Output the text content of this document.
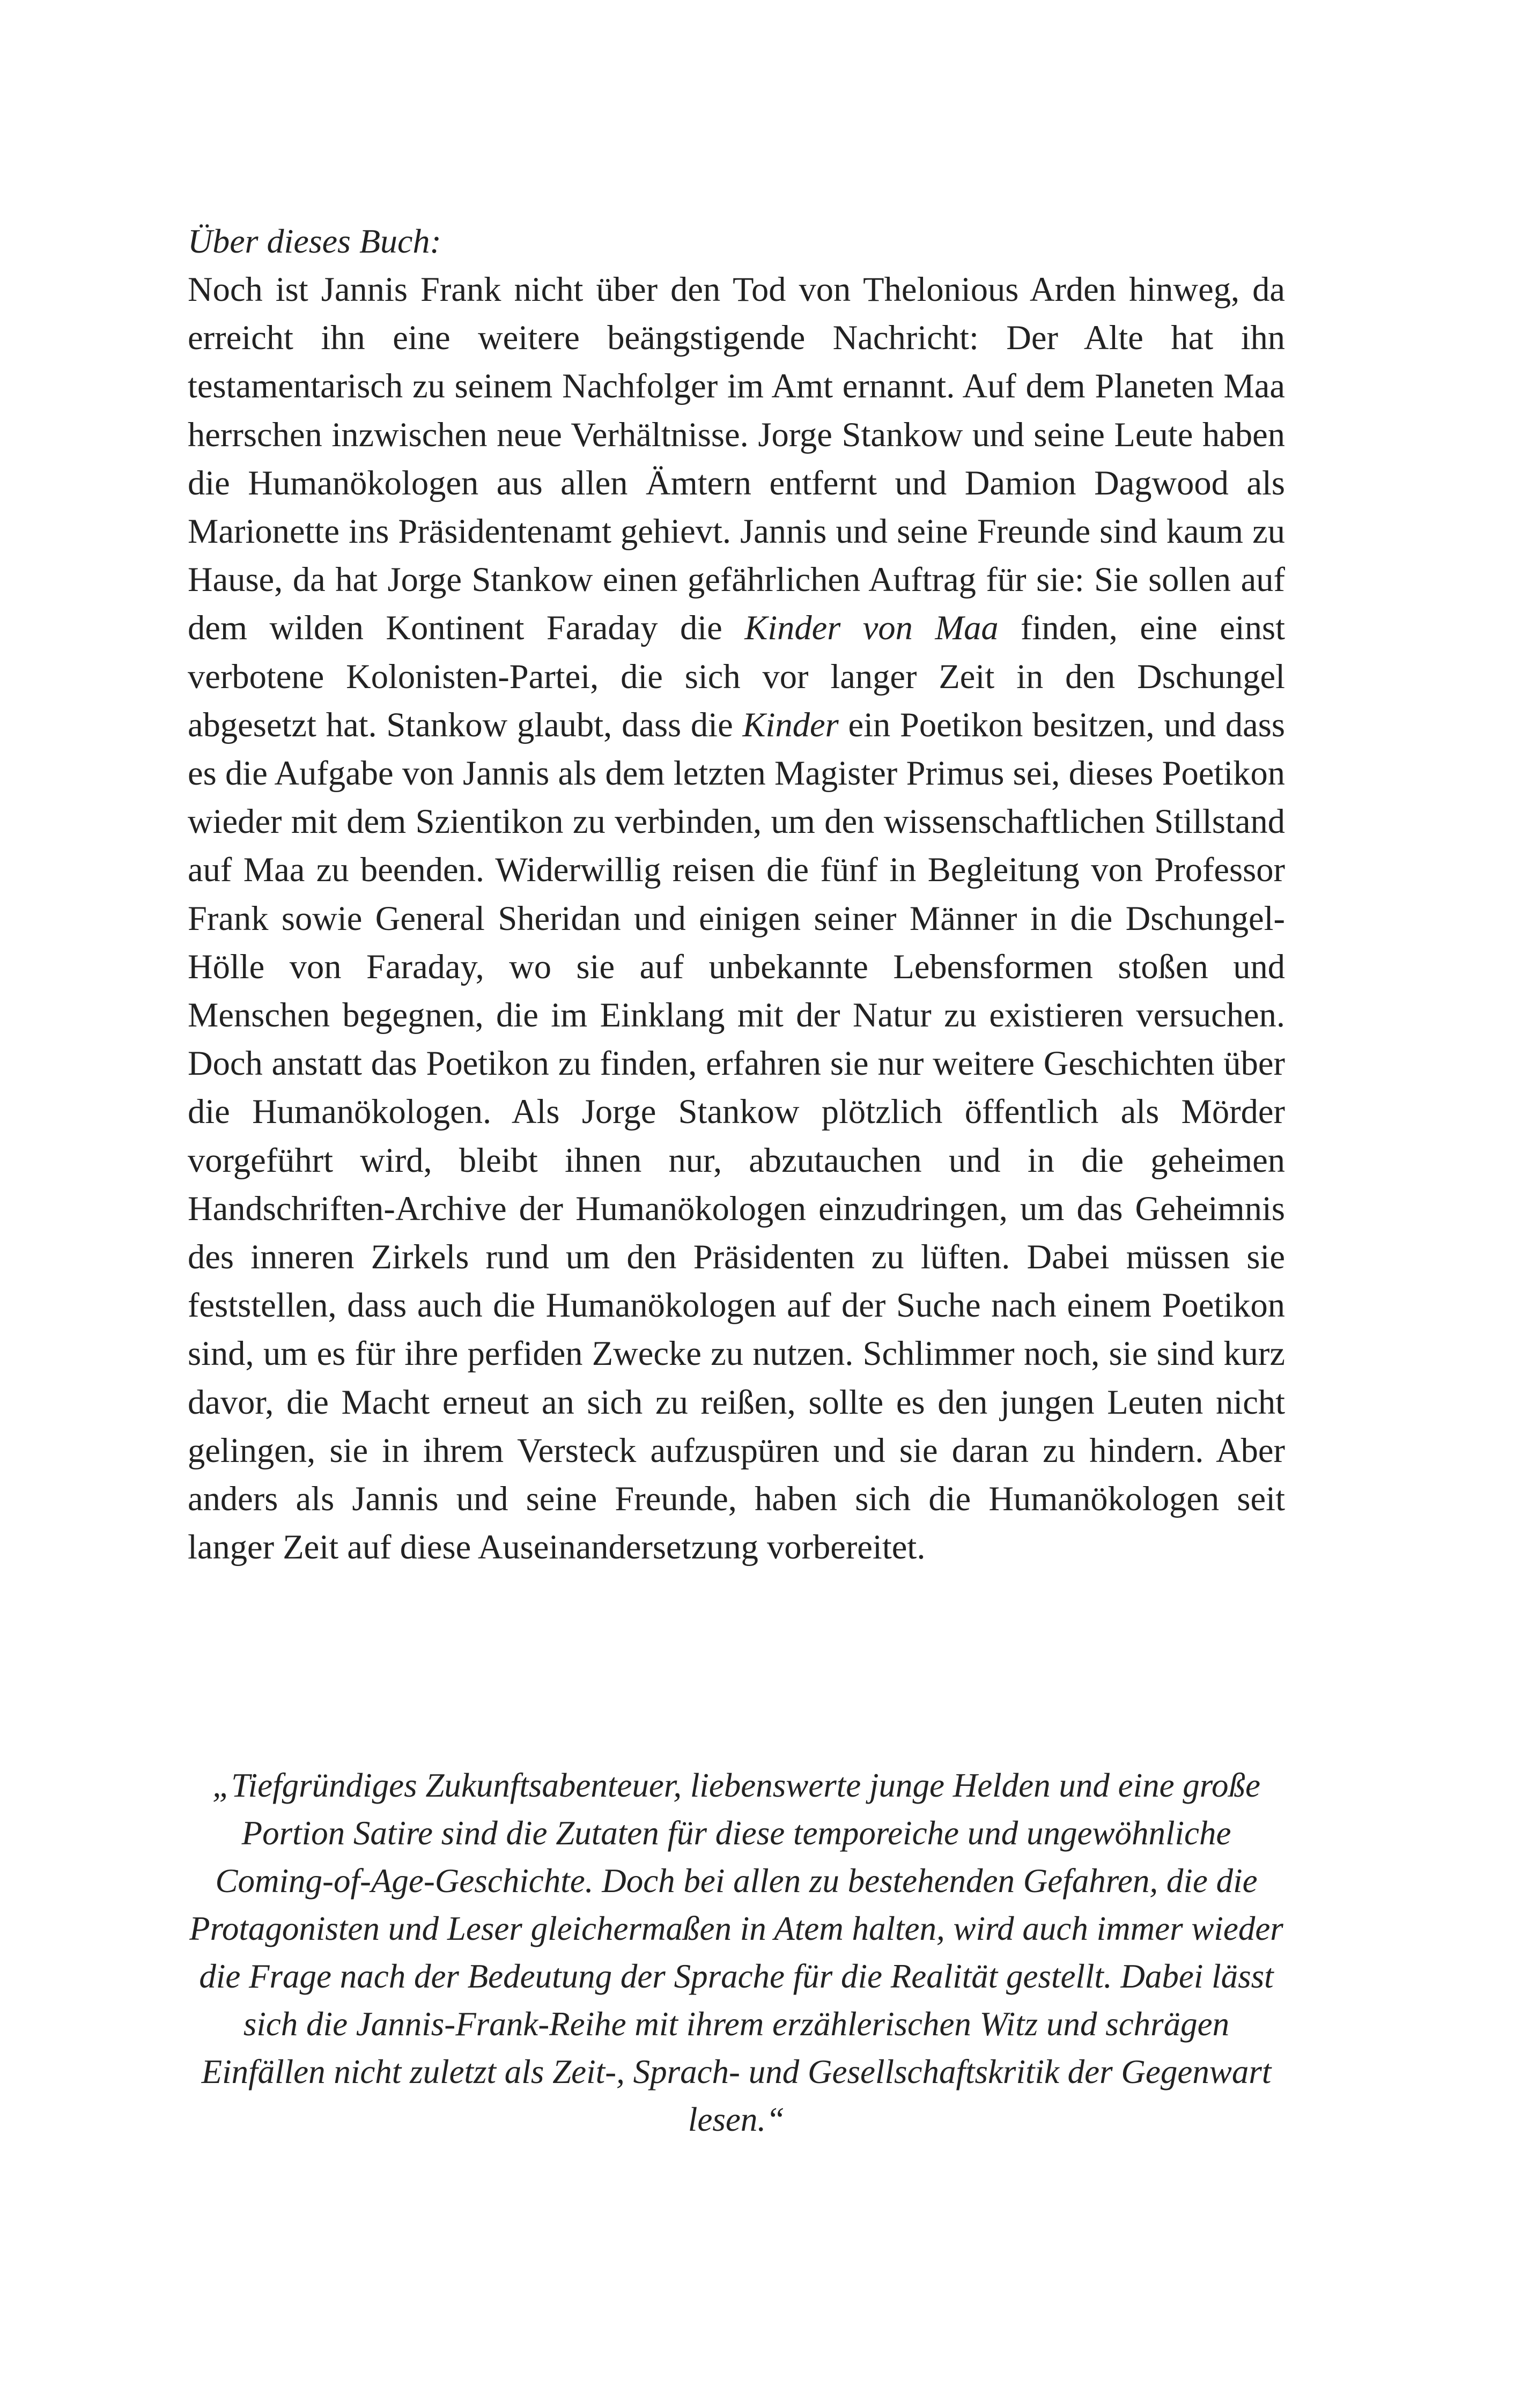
Über dieses Buch:

Noch ist Jannis Frank nicht über den Tod von Thelonious Arden hinweg, da erreicht ihn eine weitere beängstigende Nachricht: Der Alte hat ihn testamentarisch zu seinem Nachfolger im Amt ernannt. Auf dem Planeten Maa herrschen inzwischen neue Verhältnisse. Jorge Stankow und seine Leute haben die Humanökologen aus allen Ämtern entfernt und Damion Dagwood als Marionette ins Präsidentenamt gehievt. Jannis und seine Freunde sind kaum zu Hause, da hat Jorge Stankow einen gefährlichen Auftrag für sie: Sie sollen auf dem wilden Kontinent Faraday die Kinder von Maa finden, eine einst verbotene Kolonisten-Partei, die sich vor langer Zeit in den Dschungel abgesetzt hat. Stankow glaubt, dass die Kinder ein Poetikon besitzen, und dass es die Aufgabe von Jannis als dem letzten Magister Primus sei, dieses Poetikon wieder mit dem Szientikon zu verbinden, um den wissenschaftlichen Stillstand auf Maa zu beenden. Widerwillig reisen die fünf in Begleitung von Professor Frank sowie General Sheridan und einigen seiner Männer in die Dschungel-Hölle von Faraday, wo sie auf unbekannte Lebensformen stoßen und Menschen begegnen, die im Einklang mit der Natur zu existieren versuchen. Doch anstatt das Poetikon zu finden, erfahren sie nur weitere Geschichten über die Humanökologen. Als Jorge Stankow plötzlich öffentlich als Mörder vorgeführt wird, bleibt ihnen nur, abzutauchen und in die geheimen Handschriften-Archive der Humanökologen einzudringen, um das Geheimnis des inneren Zirkels rund um den Präsidenten zu lüften. Dabei müssen sie feststellen, dass auch die Humanökologen auf der Suche nach einem Poetikon sind, um es für ihre perfiden Zwecke zu nutzen. Schlimmer noch, sie sind kurz davor, die Macht erneut an sich zu reißen, sollte es den jungen Leuten nicht gelingen, sie in ihrem Versteck aufzuspüren und sie daran zu hindern. Aber anders als Jannis und seine Freunde, haben sich die Humanökologen seit langer Zeit auf diese Auseinandersetzung vorbereitet.

„Tiefgründiges Zukunftsabenteuer, liebenswerte junge Helden und eine große Portion Satire sind die Zutaten für diese temporeiche und ungewöhnliche Coming-of-Age-Geschichte. Doch bei allen zu bestehenden Gefahren, die die Protagonisten und Leser gleichermaßen in Atem halten, wird auch immer wieder die Frage nach der Bedeutung der Sprache für die Realität gestellt. Dabei lässt sich die Jannis-Frank-Reihe mit ihrem erzählerischen Witz und schrägen Einfällen nicht zuletzt als Zeit-, Sprach- und Gesellschaftskritik der Gegenwart lesen.“
